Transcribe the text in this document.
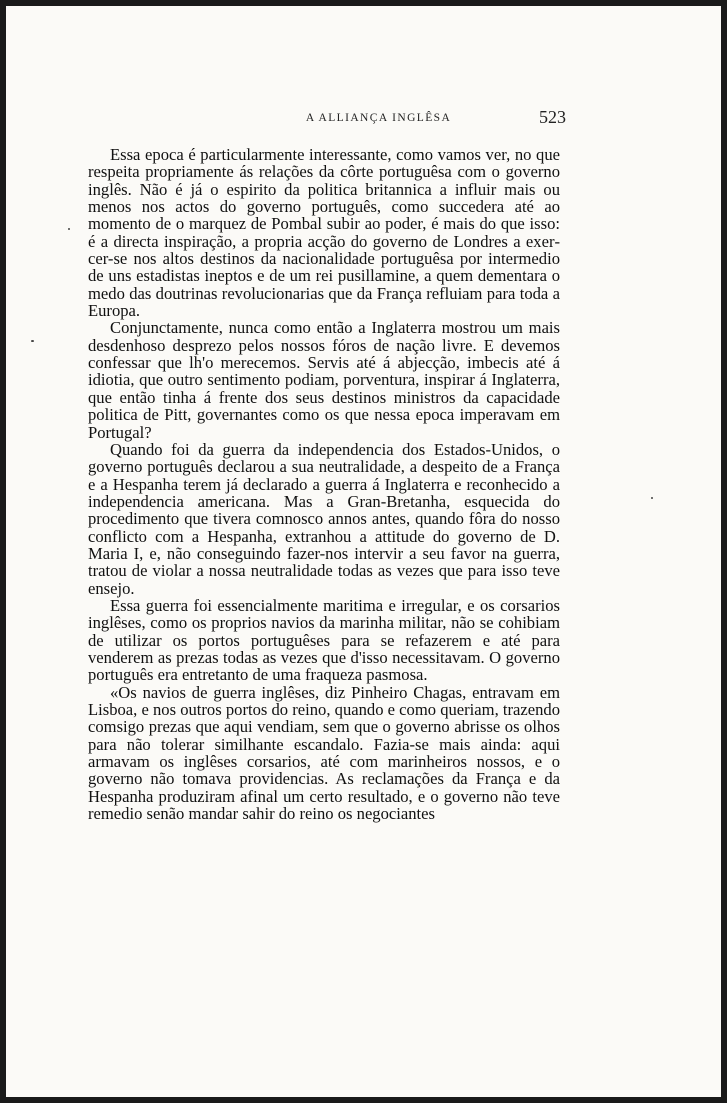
A ALLIANÇA INGLÊSA	523

Essa epoca é particularmente interessante, como vamos ver, no que respeita propriamente ás relações da côrte portuguêsa com o governo inglês. Não é já o espirito da politica britannica a influir mais ou menos nos actos do governo português, como succedera até ao momento de o marquez de Pombal subir ao poder, é mais do que isso: é a directa inspiração, a propria acção do governo de Londres a exercer-se nos altos destinos da nacionalidade portuguêsa por intermedio de uns estadistas ineptos e de um rei pusillamine, a quem dementara o medo das doutrinas revolucionarias que da França refluiam para toda a Europa.

Conjunctamente, nunca como então a Inglaterra mostrou um mais desdenhoso desprezo pelos nossos fóros de nação livre. E devemos confessar que lh'o merecemos. Servis até á abjecção, imbecis até á idiotia, que outro sentimento podiam, porventura, inspirar á Inglaterra, que então tinha á frente dos seus destinos ministros da capacidade politica de Pitt, governantes como os que nessa epoca imperavam em Portugal?

Quando foi da guerra da independencia dos Estados-Unidos, o governo português declarou a sua neutralidade, a despeito de a França e a Hespanha terem já declarado a guerra á Inglaterra e reconhecido a independencia americana. Mas a Gran-Bretanha, esquecida do procedimento que tivera comnosco annos antes, quando fôra do nosso conflicto com a Hespanha, extranhou a attitude do governo de D. Maria I, e, não conseguindo fazer-nos intervir a seu favor na guerra, tratou de violar a nossa neutralidade todas as vezes que para isso teve ensejo.

Essa guerra foi essencialmente maritima e irregular, e os corsarios inglêses, como os proprios navios da marinha militar, não se cohibiam de utilizar os portos portuguêses para se refazerem e até para venderem as prezas todas as vezes que d'isso necessitavam. O governo português era entretanto de uma fraqueza pasmosa.

«Os navios de guerra inglêses, diz Pinheiro Chagas, entravam em Lisboa, e nos outros portos do reino, quando e como queriam, trazendo comsigo prezas que aqui vendiam, sem que o governo abrisse os olhos para não tolerar similhante escandalo. Fazia-se mais ainda: aqui armavam os inglêses corsarios, até com marinheiros nossos, e o governo não tomava providencias. As reclamações da França e da Hespanha produziram afinal um certo resultado, e o governo não teve remedio senão mandar sahir do reino os negociantes
